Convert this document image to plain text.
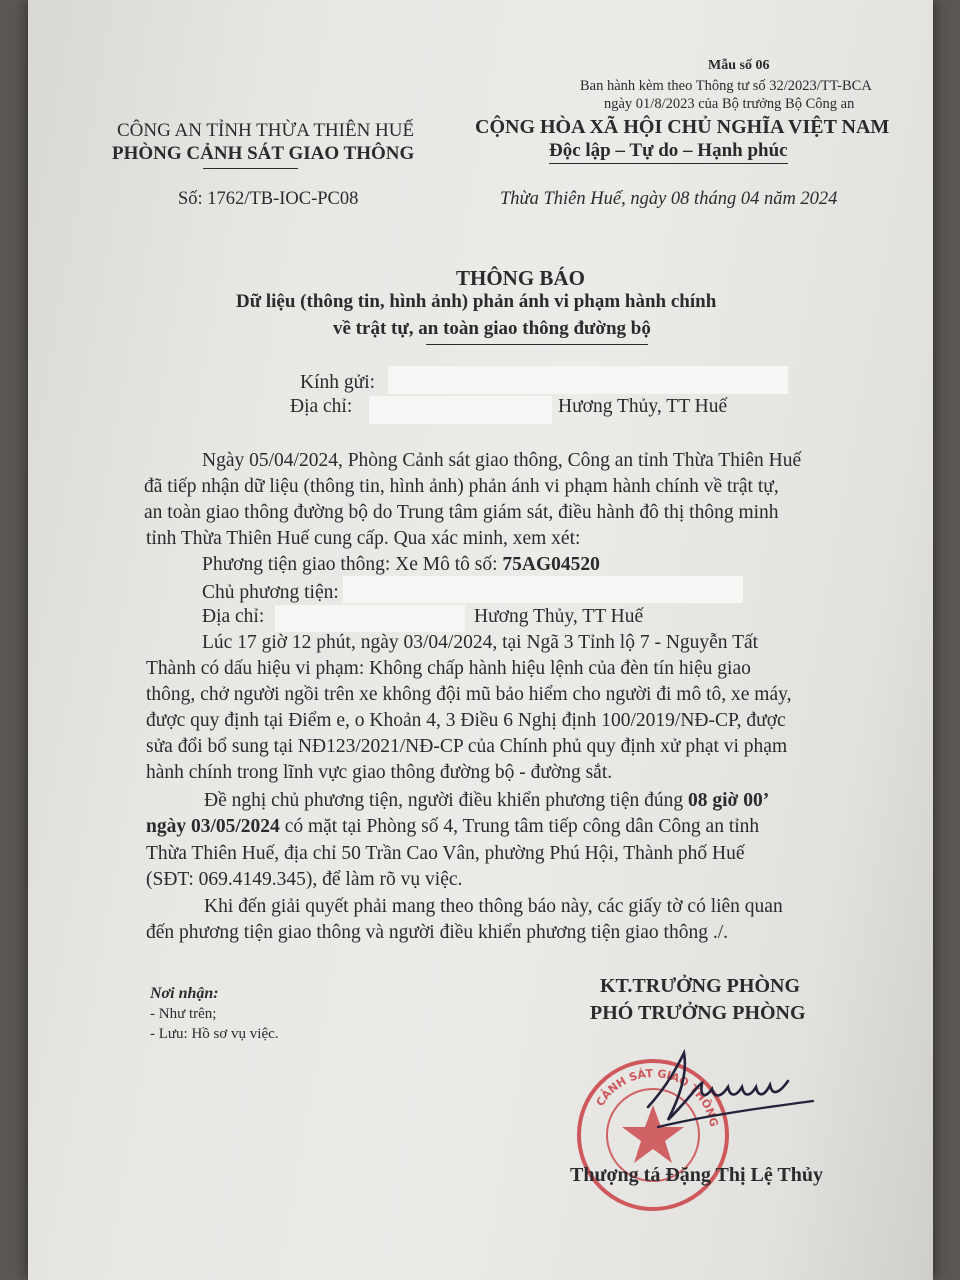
Mẫu số 06
Ban hành kèm theo Thông tư số 32/2023/TT-BCA
ngày 01/8/2023 của Bộ trưởng Bộ Công an
CÔNG AN TỈNH THỪA THIÊN HUẾ
PHÒNG CẢNH SÁT GIAO THÔNG
Số: 1762/TB-IOC-PC08
CỘNG HÒA XÃ HỘI CHỦ NGHĨA VIỆT NAM
Độc lập – Tự do – Hạnh phúc
Thừa Thiên Huế, ngày 08 tháng 04 năm 2024
THÔNG BÁO
Dữ liệu (thông tin, hình ảnh) phản ánh vi phạm hành chính
về trật tự, an toàn giao thông đường bộ
Kính gửi:
Địa chỉ:	Hương Thủy, TT Huế
Ngày 05/04/2024, Phòng Cảnh sát giao thông, Công an tỉnh Thừa Thiên Huế
đã tiếp nhận dữ liệu (thông tin, hình ảnh) phản ánh vi phạm hành chính về trật tự,
an toàn giao thông đường bộ do Trung tâm giám sát, điều hành đô thị thông minh
tỉnh Thừa Thiên Huế cung cấp. Qua xác minh, xem xét:
Phương tiện giao thông: Xe Mô tô số: 75AG04520
Chủ phương tiện:
Địa chỉ:	Hương Thủy, TT Huế
Lúc 17 giờ 12 phút, ngày 03/04/2024, tại Ngã 3 Tỉnh lộ 7 - Nguyễn Tất
Thành có dấu hiệu vi phạm: Không chấp hành hiệu lệnh của đèn tín hiệu giao
thông, chở người ngồi trên xe không đội mũ bảo hiểm cho người đi mô tô, xe máy,
được quy định tại Điểm e, o Khoản 4, 3 Điều 6 Nghị định 100/2019/NĐ-CP, được
sửa đổi bổ sung tại NĐ123/2021/NĐ-CP của Chính phủ quy định xử phạt vi phạm
hành chính trong lĩnh vực giao thông đường bộ - đường sắt.
Đề nghị chủ phương tiện, người điều khiển phương tiện đúng 08 giờ 00’
ngày 03/05/2024 có mặt tại Phòng số 4, Trung tâm tiếp công dân Công an tỉnh
Thừa Thiên Huế, địa chỉ 50 Trần Cao Vân, phường Phú Hội, Thành phố Huế
(SĐT: 069.4149.345), để làm rõ vụ việc.
Khi đến giải quyết phải mang theo thông báo này, các giấy tờ có liên quan
đến phương tiện giao thông và người điều khiển phương tiện giao thông ./.
Nơi nhận:
- Như trên;
- Lưu: Hồ sơ vụ việc.
KT.TRƯỞNG PHÒNG
PHÓ TRƯỞNG PHÒNG
CẢNH SÁT GIAO THÔNG
Thượng tá Đặng Thị Lệ Thủy
